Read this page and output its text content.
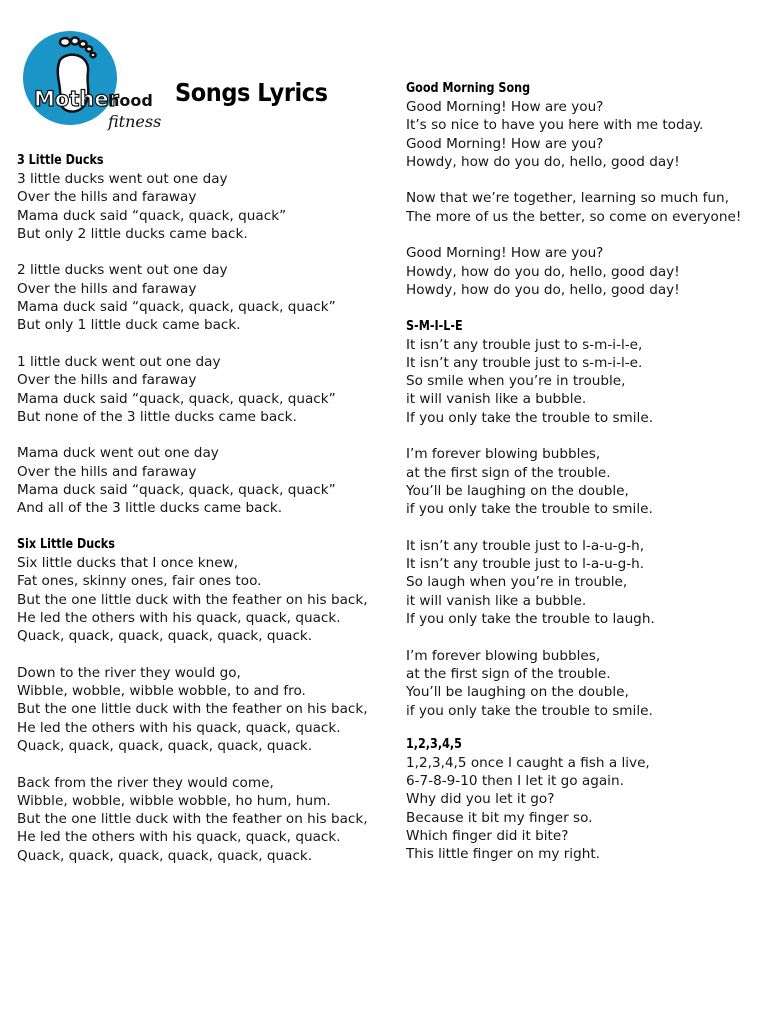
Mother
hood
fitness
Songs Lyrics
3 Little Ducks
3 little ducks went out one day
Over the hills and faraway
Mama duck said “quack, quack, quack”
But only 2 little ducks came back.
2 little ducks went out one day
Over the hills and faraway
Mama duck said “quack, quack, quack, quack”
But only 1 little duck came back.
1 little duck went out one day
Over the hills and faraway
Mama duck said “quack, quack, quack, quack”
But none of the 3 little ducks came back.
Mama duck went out one day
Over the hills and faraway
Mama duck said “quack, quack, quack, quack”
And all of the 3 little ducks came back.
Six Little Ducks
Six little ducks that I once knew,
Fat ones, skinny ones, fair ones too.
But the one little duck with the feather on his back,
He led the others with his quack, quack, quack.
Quack, quack, quack, quack, quack, quack.
Down to the river they would go,
Wibble, wobble, wibble wobble, to and fro.
But the one little duck with the feather on his back,
He led the others with his quack, quack, quack.
Quack, quack, quack, quack, quack, quack.
Back from the river they would come,
Wibble, wobble, wibble wobble, ho hum, hum.
But the one little duck with the feather on his back,
He led the others with his quack, quack, quack.
Quack, quack, quack, quack, quack, quack.
Good Morning Song
Good Morning! How are you?
It’s so nice to have you here with me today.
Good Morning! How are you?
Howdy, how do you do, hello, good day!
Now that we’re together, learning so much fun,
The more of us the better, so come on everyone!
Good Morning! How are you?
Howdy, how do you do, hello, good day!
Howdy, how do you do, hello, good day!
S-M-I-L-E
It isn’t any trouble just to s-m-i-l-e,
It isn’t any trouble just to s-m-i-l-e.
So smile when you’re in trouble,
it will vanish like a bubble.
If you only take the trouble to smile.
I’m forever blowing bubbles,
at the first sign of the trouble.
You’ll be laughing on the double,
if you only take the trouble to smile.
It isn’t any trouble just to l-a-u-g-h,
It isn’t any trouble just to l-a-u-g-h.
So laugh when you’re in trouble,
it will vanish like a bubble.
If you only take the trouble to laugh.
I’m forever blowing bubbles,
at the first sign of the trouble.
You’ll be laughing on the double,
if you only take the trouble to smile.
1,2,3,4,5
1,2,3,4,5 once I caught a fish a live,
6-7-8-9-10 then I let it go again.
Why did you let it go?
Because it bit my finger so.
Which finger did it bite?
This little finger on my right.
